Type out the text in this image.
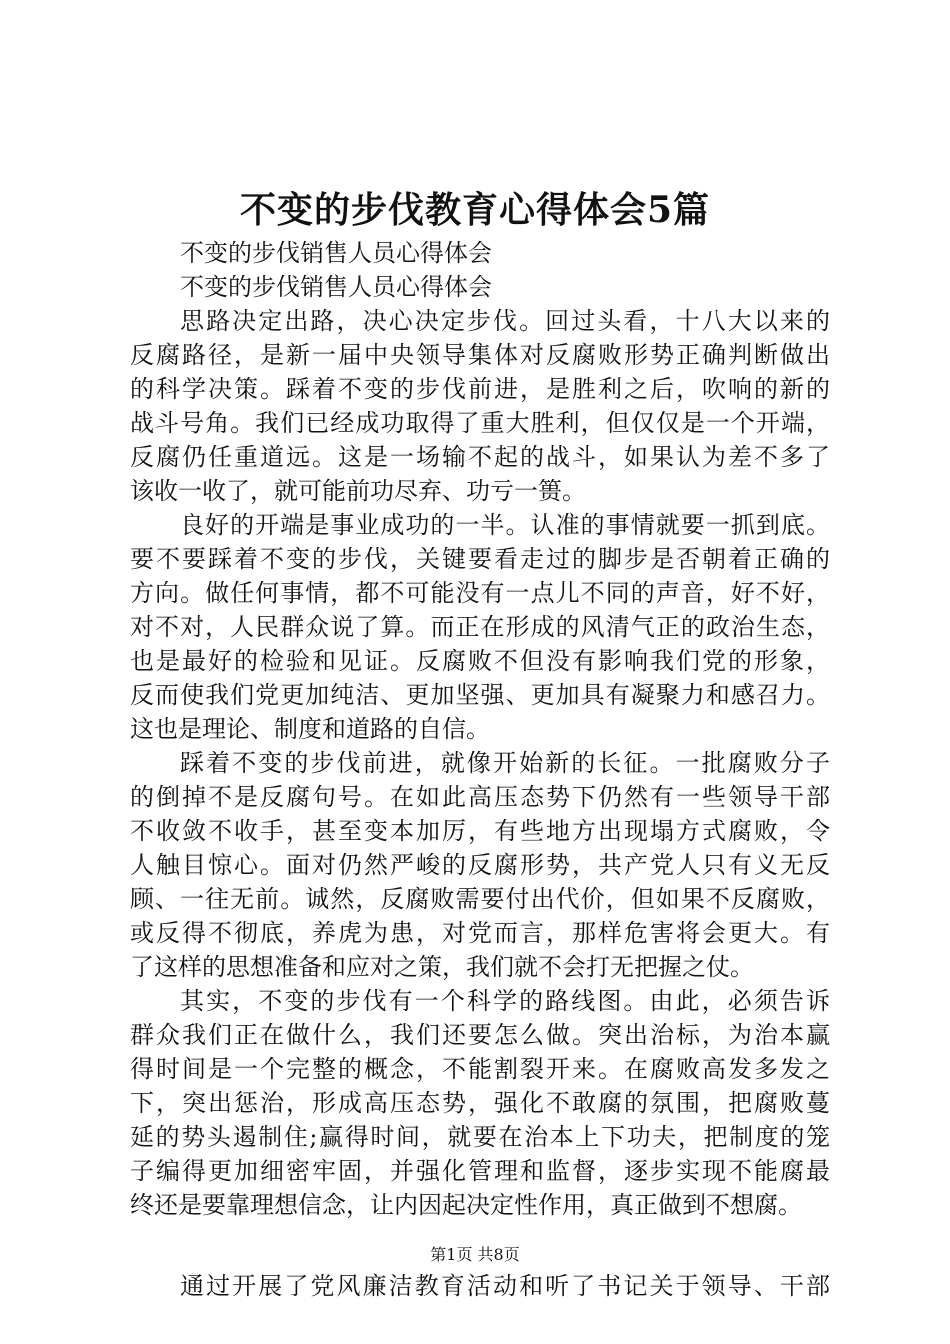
不变的步伐教育心得体会5篇
不变的步伐销售人员心得体会
不变的步伐销售人员心得体会
思路决定出路，决心决定步伐。回过头看，十八大以来的
反腐路径，是新一届中央领导集体对反腐败形势正确判断做出
的科学决策。踩着不变的步伐前进，是胜利之后，吹响的新的
战斗号角。我们已经成功取得了重大胜利，但仅仅是一个开端，
反腐仍任重道远。这是一场输不起的战斗，如果认为差不多了
该收一收了，就可能前功尽弃、功亏一篑。
良好的开端是事业成功的一半。认准的事情就要一抓到底。
要不要踩着不变的步伐，关键要看走过的脚步是否朝着正确的
方向。做任何事情，都不可能没有一点儿不同的声音，好不好，
对不对，人民群众说了算。而正在形成的风清气正的政治生态，
也是最好的检验和见证。反腐败不但没有影响我们党的形象，
反而使我们党更加纯洁、更加坚强、更加具有凝聚力和感召力。
这也是理论、制度和道路的自信。
踩着不变的步伐前进，就像开始新的长征。一批腐败分子
的倒掉不是反腐句号。在如此高压态势下仍然有一些领导干部
不收敛不收手，甚至变本加厉，有些地方出现塌方式腐败，令
人触目惊心。面对仍然严峻的反腐形势，共产党人只有义无反
顾、一往无前。诚然，反腐败需要付出代价，但如果不反腐败，
或反得不彻底，养虎为患，对党而言，那样危害将会更大。有
了这样的思想准备和应对之策，我们就不会打无把握之仗。
其实，不变的步伐有一个科学的路线图。由此，必须告诉
群众我们正在做什么，我们还要怎么做。突出治标，为治本赢
得时间是一个完整的概念，不能割裂开来。在腐败高发多发之
下，突出惩治，形成高压态势，强化不敢腐的氛围，把腐败蔓
延的势头遏制住;赢得时间，就要在治本上下功夫，把制度的笼
子编得更加细密牢固，并强化管理和监督，逐步实现不能腐最
终还是要靠理想信念，让内因起决定性作用，真正做到不想腐。
通过开展了党风廉洁教育活动和听了书记关于领导、干部
第1页 共8页
